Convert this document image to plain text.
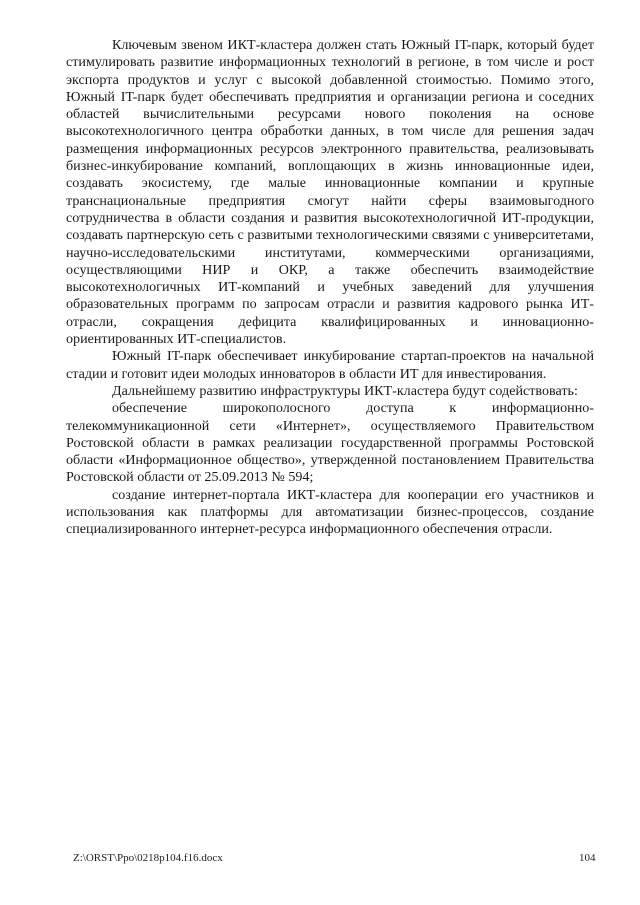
Ключевым звеном ИКТ-кластера должен стать Южный IT-парк, который будет стимулировать развитие информационных технологий в регионе, в том числе и рост экспорта продуктов и услуг с высокой добавленной стоимостью. Помимо этого, Южный IT-парк будет обеспечивать предприятия и организации региона и соседних областей вычислительными ресурсами нового поколения на основе высокотехнологичного центра обработки данных, в том числе для решения задач размещения информационных ресурсов электронного правительства, реализовывать бизнес-инкубирование компаний, воплощающих в жизнь инновационные идеи, создавать экосистему, где малые инновационные компании и крупные транснациональные предприятия смогут найти сферы взаимовыгодного сотрудничества в области создания и развития высокотехнологичной ИТ-продукции, создавать партнерскую сеть с развитыми технологическими связями с университетами, научно-исследовательскими институтами, коммерческими организациями, осуществляющими НИР и ОКР, а также обеспечить взаимодействие высокотехнологичных ИТ-компаний и учебных заведений для улучшения образовательных программ по запросам отрасли и развития кадрового рынка ИТ-отрасли, сокращения дефицита квалифицированных и инновационно-ориентированных ИТ-специалистов.

Южный IT-парк обеспечивает инкубирование стартап-проектов на начальной стадии и готовит идеи молодых инноваторов в области ИТ для инвестирования.

Дальнейшему развитию инфраструктуры ИКТ-кластера будут содействовать:

обеспечение широкополосного доступа к информационно-телекоммуникационной сети «Интернет», осуществляемого Правительством Ростовской области в рамках реализации государственной программы Ростовской области «Информационное общество», утвержденной постановлением Правительства Ростовской области от 25.09.2013 № 594;

создание интернет-портала ИКТ-кластера для кооперации его участников и использования как платформы для автоматизации бизнес-процессов, создание специализированного интернет-ресурса информационного обеспечения отрасли.

Z:\ORST\Ppo\0218p104.f16.docx	104
